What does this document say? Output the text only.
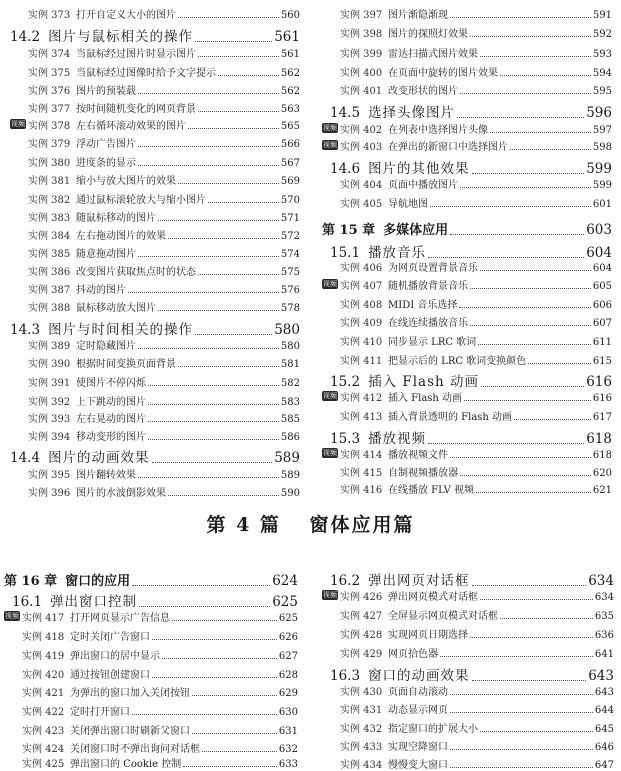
实例 373 打开自定义大小的图片	560
14.2 图片与鼠标相关的操作	561
实例 374 当鼠标经过图片时显示图片	561
实例 375 当鼠标经过图像时给予文字提示	562
实例 376 图片的预装载	562
实例 377 按时间随机变化的网页背景	563
实例 378 左右循环滚动效果的图片	565
视频
实例 379 浮动广告图片	566
实例 380 进度条的显示	567
实例 381 缩小与放大图片的效果	569
实例 382 通过鼠标滚轮放大与缩小图片	570
实例 383 随鼠标移动的图片	571
实例 384 左右拖动图片的效果	572
实例 385 随意拖动图片	574
实例 386 改变图片获取焦点时的状态	575
实例 387 抖动的图片	576
实例 388 鼠标移动放大图片	578
14.3 图片与时间相关的操作	580
实例 389 定时隐藏图片	580
实例 390 根据时间变换页面背景	581
实例 391 使图片不停闪烁	582
实例 392 上下跳动的图片	583
实例 393 左右晃动的图片	585
实例 394 移动变形的图片	586
14.4 图片的动画效果	589
实例 395 图片翻转效果	589
实例 396 图片的水波倒影效果	590
实例 397 图片渐隐渐现	591
实例 398 图片的探照灯效果	592
实例 399 雷达扫描式图片效果	593
实例 400 在页面中旋转的图片效果	594
实例 401 改变形状的图片	595
14.5 选择头像图片	596
实例 402 在列表中选择图片头像	597
视频
实例 403 在弹出的新窗口中选择图片	598
视频
14.6 图片的其他效果	599
实例 404 页面中播放图片	599
实例 405 导航地图	601
第 15 章 多媒体应用	603
15.1 播放音乐	604
实例 406 为网页设置背景音乐	604
实例 407 随机播放背景音乐	605
视频
实例 408 MIDI 音乐选择	606
实例 409 在线连续播放音乐	607
实例 410 同步显示 LRC 歌词	611
实例 411 把显示后的 LRC 歌词变换颜色	615
15.2 插入 Flash 动画	616
实例 412 插入 Flash 动画	616
视频
实例 413 插入背景透明的 Flash 动画	617
15.3 播放视频	618
实例 414 播放视频文件	618
视频
实例 415 自制视频播放器	620
实例 416 在线播放 FLV 视频	621
第 4 篇 窗体应用篇
第 16 章 窗口的应用	624
16.1 弹出窗口控制	625
实例 417 打开网页显示广告信息	625
视频
实例 418 定时关闭广告窗口	626
实例 419 弹出窗口的居中显示	627
实例 420 通过按钮创建窗口	628
实例 421 为弹出的窗口加入关闭按钮	629
实例 422 定时打开窗口	630
实例 423 关闭弹出窗口时刷新父窗口	631
实例 424 关闭窗口时不弹出询问对话框	632
实例 425 弹出窗口的 Cookie 控制	633
16.2 弹出网页对话框	634
实例 426 弹出网页模式对话框	634
视频
实例 427 全屏显示网页模式对话框	635
实例 428 实现网页日期选择	636
实例 429 网页拾色器	641
16.3 窗口的动画效果	643
实例 430 页面自动滚动	643
实例 431 动态显示网页	644
实例 432 指定窗口的扩展大小	645
实例 433 实现空降窗口	646
实例 434 慢慢变大窗口	647
